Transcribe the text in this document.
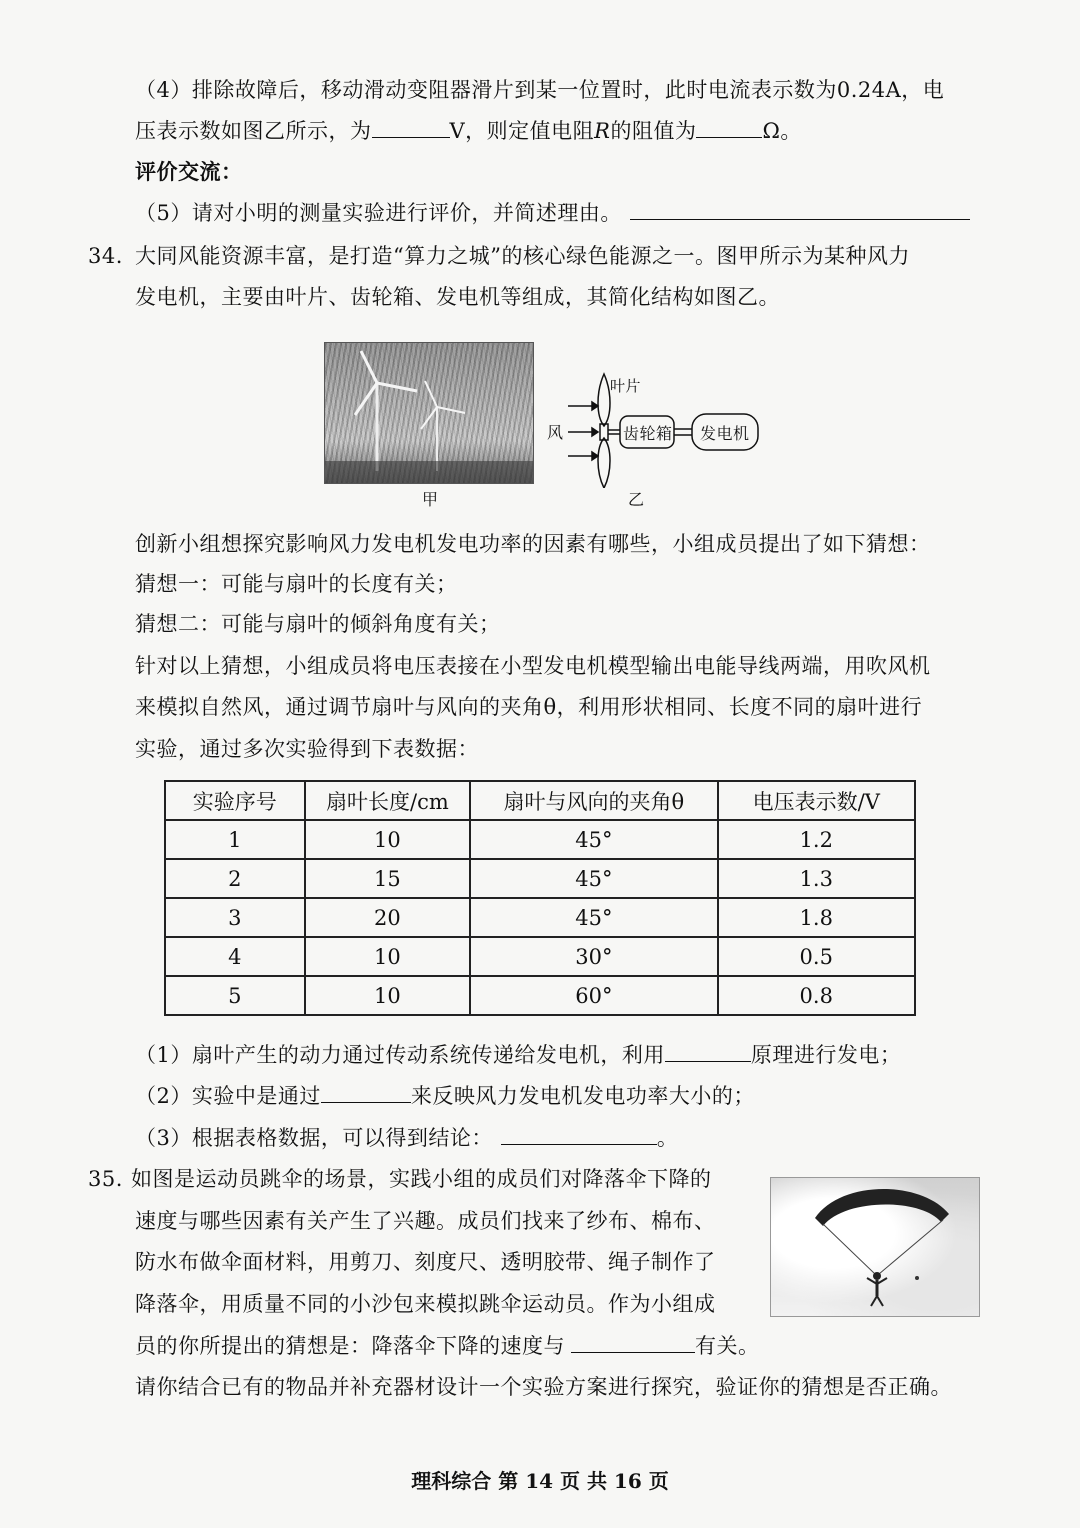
（4）排除故障后，移动滑动变阻器滑片到某一位置时，此时电流表示数为0.24A，电
压表示数如图乙所示，为	V，则定值电阻R的阻值为	Ω。
评价交流：
（5）请对小明的测量实验进行评价，并简述理由。
34. 大同风能资源丰富，是打造“算力之城”的核心绿色能源之一。图甲所示为某种风力
发电机，主要由叶片、齿轮箱、发电机等组成，其简化结构如图乙。
甲
叶片
风	齿轮箱 发电机
乙
创新小组想探究影响风力发电机发电功率的因素有哪些，小组成员提出了如下猜想：
猜想一：可能与扇叶的长度有关；
猜想二：可能与扇叶的倾斜角度有关；
针对以上猜想，小组成员将电压表接在小型发电机模型输出电能导线两端，用吹风机
来模拟自然风，通过调节扇叶与风向的夹角θ，利用形状相同、长度不同的扇叶进行
实验，通过多次实验得到下表数据：
实验序号	扇叶长度/cm	扇叶与风向的夹角θ	电压表示数/V
1	10	45°	1.2
2	15	45°	1.3
3	20	45°	1.8
4	10	30°	0.5
5	10	60°	0.8
（1）扇叶产生的动力通过传动系统传递给发电机，利用	原理进行发电；
（2）实验中是通过	来反映风力发电机发电功率大小的；
（3）根据表格数据，可以得到结论：	。
35. 如图是运动员跳伞的场景，实践小组的成员们对降落伞下降的
速度与哪些因素有关产生了兴趣。成员们找来了纱布、棉布、
防水布做伞面材料，用剪刀、刻度尺、透明胶带、绳子制作了
降落伞，用质量不同的小沙包来模拟跳伞运动员。作为小组成
员的你所提出的猜想是：降落伞下降的速度与	有关。
请你结合已有的物品并补充器材设计一个实验方案进行探究，验证你的猜想是否正确。
理科综合 第 14 页 共 16 页
